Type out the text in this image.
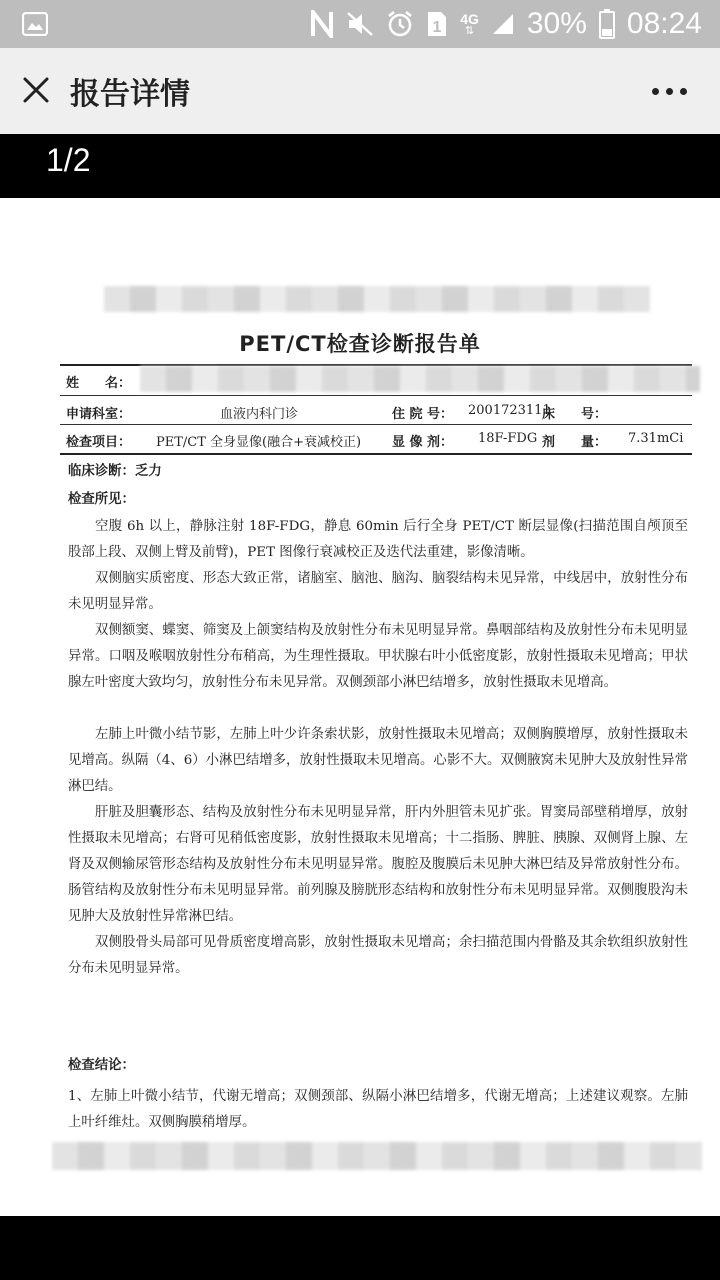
1
4G
⇅ 30% 08:24
报告详情
1/2
PET/CT检查诊断报告单
姓　　名：
申请科室：	血液内科门诊	住 院 号： 2001723111
床　　号：
检查项目： PET/CT 全身显像(融合+衰减校正) 显 像 剂： 18F-FDG 剂　　量： 7.31mCi
临床诊断：乏力
检查所见：
空腹 6h 以上，静脉注射 18F-FDG，静息 60min 后行全身 PET/CT 断层显像(扫描范围自颅顶至股部上段、双侧上臂及前臂)，PET 图像行衰减校正及迭代法重建，影像清晰。
双侧脑实质密度、形态大致正常，诸脑室、脑池、脑沟、脑裂结构未见异常，中线居中，放射性分布未见明显异常。
双侧额窦、蝶窦、筛窦及上颌窦结构及放射性分布未见明显异常。鼻咽部结构及放射性分布未见明显异常。口咽及喉咽放射性分布稍高，为生理性摄取。甲状腺右叶小低密度影，放射性摄取未见增高；甲状腺左叶密度大致均匀，放射性分布未见异常。双侧颈部小淋巴结增多，放射性摄取未见增高。
左肺上叶微小结节影，左肺上叶少许条索状影，放射性摄取未见增高；双侧胸膜增厚，放射性摄取未见增高。纵隔（4、6）小淋巴结增多，放射性摄取未见增高。心影不大。双侧腋窝未见肿大及放射性异常淋巴结。
肝脏及胆囊形态、结构及放射性分布未见明显异常，肝内外胆管未见扩张。胃窦局部壁稍增厚，放射性摄取未见增高；右肾可见稍低密度影，放射性摄取未见增高；十二指肠、脾脏、胰腺、双侧肾上腺、左肾及双侧输尿管形态结构及放射性分布未见明显异常。腹腔及腹膜后未见肿大淋巴结及异常放射性分布。肠管结构及放射性分布未见明显异常。前列腺及膀胱形态结构和放射性分布未见明显异常。双侧腹股沟未见肿大及放射性异常淋巴结。
双侧股骨头局部可见骨质密度增高影，放射性摄取未见增高；余扫描范围内骨骼及其余软组织放射性分布未见明显异常。
检查结论：
1、左肺上叶微小结节，代谢无增高；双侧颈部、纵隔小淋巴结增多，代谢无增高；上述建议观察。左肺上叶纤维灶。双侧胸膜稍增厚。
